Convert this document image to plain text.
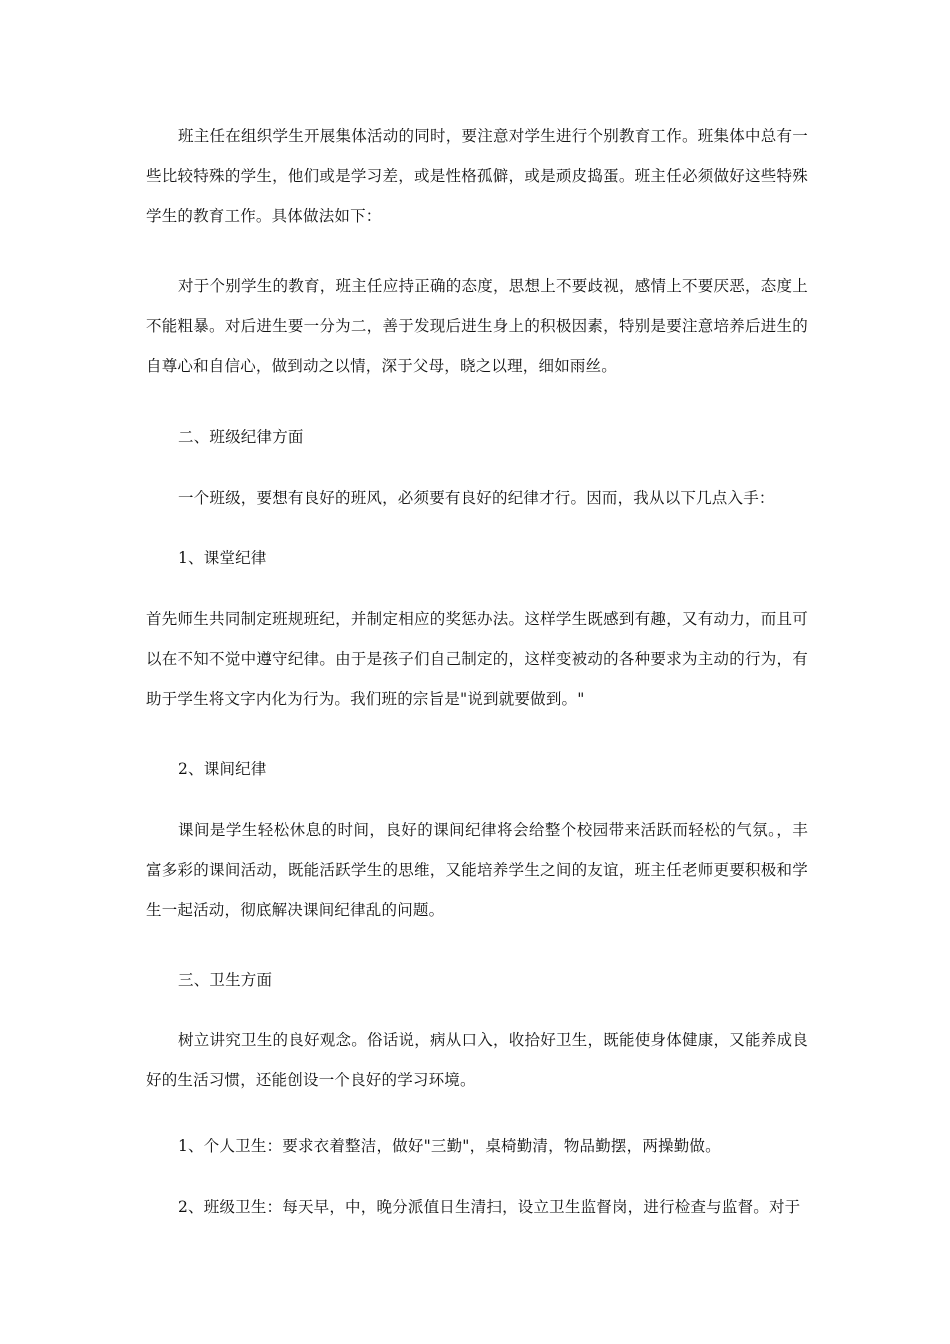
班主任在组织学生开展集体活动的同时，要注意对学生进行个别教育工作。班集体中总有一些比较特殊的学生，他们或是学习差，或是性格孤僻，或是顽皮捣蛋。班主任必须做好这些特殊学生的教育工作。具体做法如下：

对于个别学生的教育，班主任应持正确的态度，思想上不要歧视，感情上不要厌恶，态度上不能粗暴。对后进生要一分为二，善于发现后进生身上的积极因素，特别是要注意培养后进生的自尊心和自信心，做到动之以情，深于父母，晓之以理，细如雨丝。

二、班级纪律方面

一个班级，要想有良好的班风，必须要有良好的纪律才行。因而，我从以下几点入手：

1、课堂纪律

首先师生共同制定班规班纪，并制定相应的奖惩办法。这样学生既感到有趣，又有动力，而且可以在不知不觉中遵守纪律。由于是孩子们自己制定的，这样变被动的各种要求为主动的行为，有助于学生将文字内化为行为。我们班的宗旨是"说到就要做到。"

2、课间纪律

课间是学生轻松休息的时间，良好的课间纪律将会给整个校园带来活跃而轻松的气氛。，丰富多彩的课间活动，既能活跃学生的思维，又能培养学生之间的友谊，班主任老师更要积极和学生一起活动，彻底解决课间纪律乱的问题。

三、卫生方面

树立讲究卫生的良好观念。俗话说，病从口入，收拾好卫生，既能使身体健康，又能养成良好的生活习惯，还能创设一个良好的学习环境。

1、个人卫生：要求衣着整洁，做好"三勤"，桌椅勤清，物品勤摆，两操勤做。

2、班级卫生：每天早，中，晚分派值日生清扫，设立卫生监督岗，进行检查与监督。对于
